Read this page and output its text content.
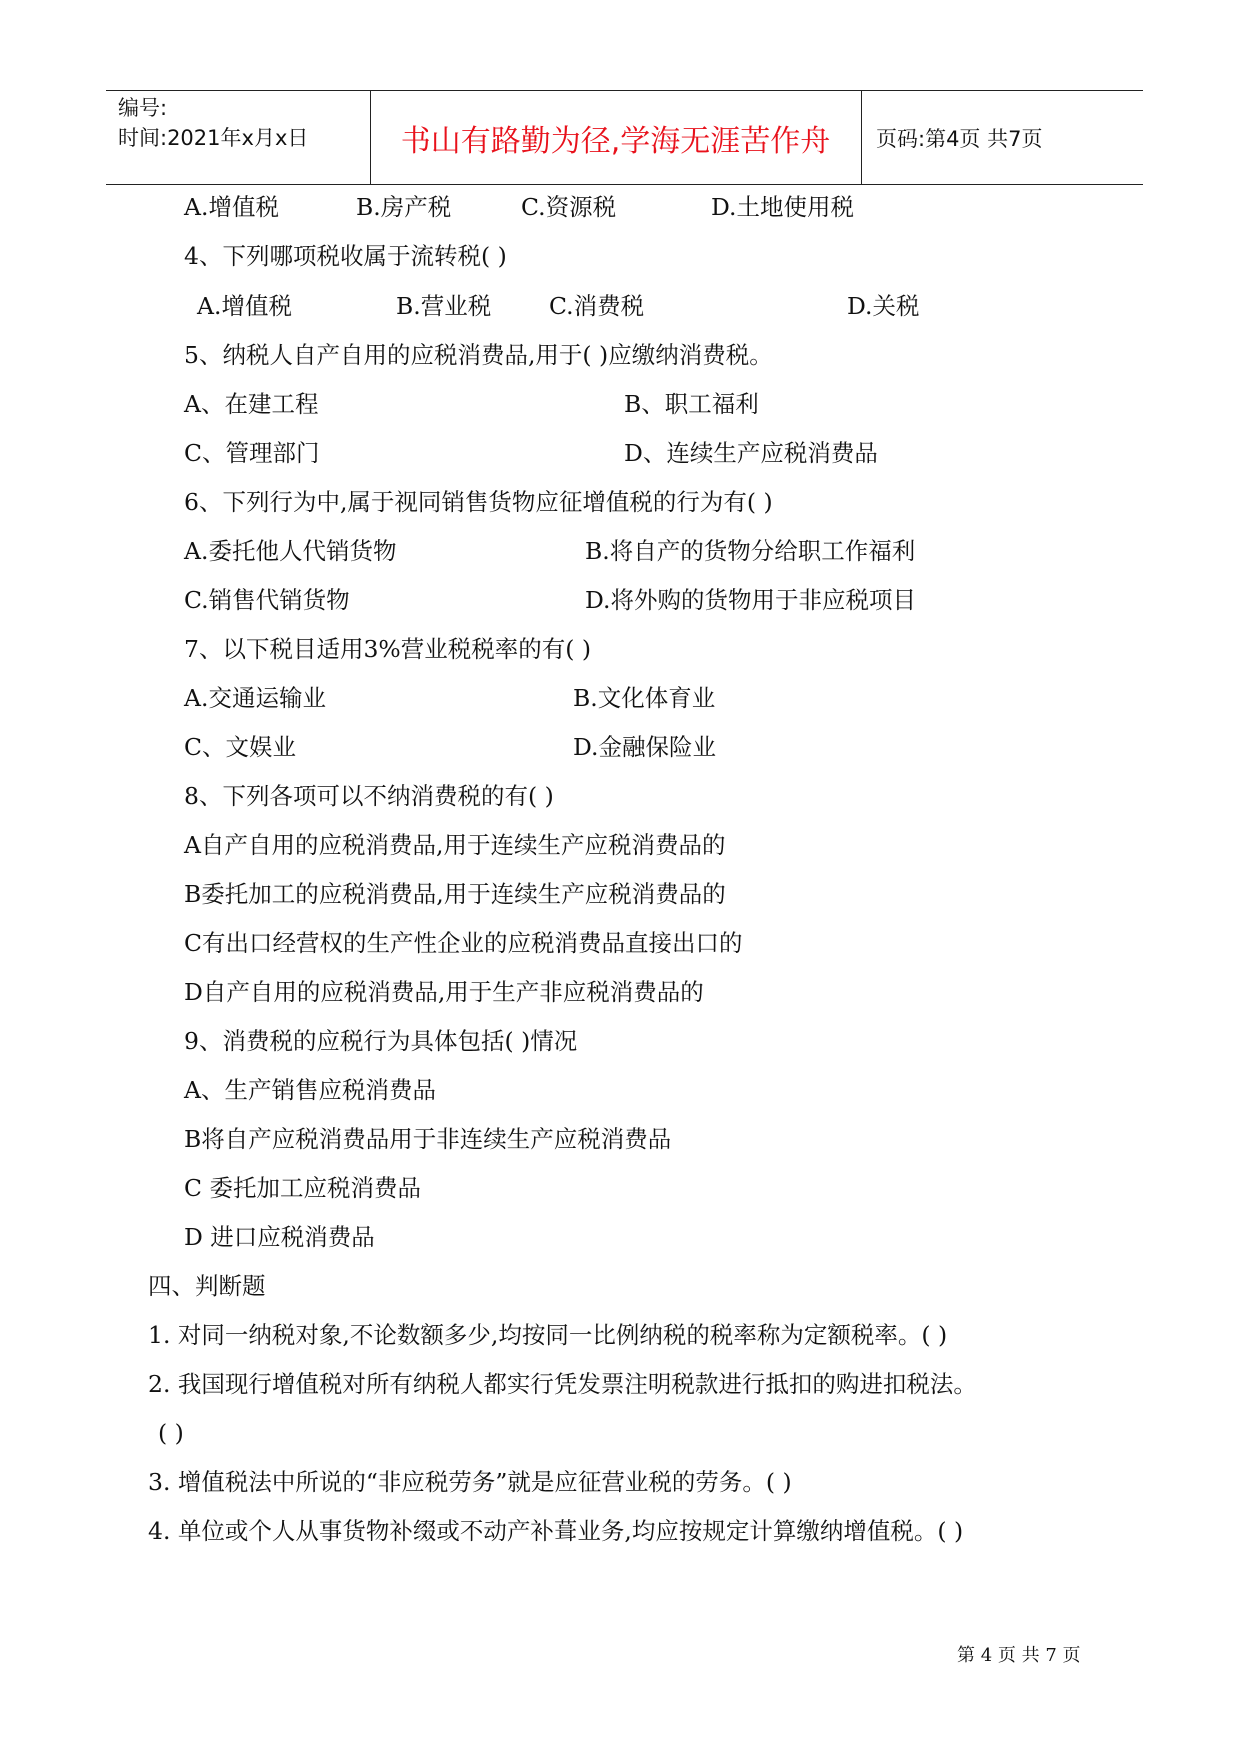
编号:
时间:2021年x月x日	书山有路勤为径,学海无涯苦作舟	页码:第4页 共7页
A.增值税	B.房产税	C.资源税	D.土地使用税
4、下列哪项税收属于流转税( )
A.增值税	B.营业税 C.消费税	D.关税
5、纳税人自产自用的应税消费品,用于( )应缴纳消费税。
A、在建工程	B、职工福利
C、管理部门	D、连续生产应税消费品
6、下列行为中,属于视同销售货物应征增值税的行为有( )
A.委托他人代销货物	B.将自产的货物分给职工作福利
C.销售代销货物	D.将外购的货物用于非应税项目
7、以下税目适用3%营业税税率的有( )
A.交通运输业	B.文化体育业
C、文娱业	D.金融保险业
8、下列各项可以不纳消费税的有( )
A自产自用的应税消费品,用于连续生产应税消费品的
B委托加工的应税消费品,用于连续生产应税消费品的
C有出口经营权的生产性企业的应税消费品直接出口的
D自产自用的应税消费品,用于生产非应税消费品的
9、消费税的应税行为具体包括( )情况
A、生产销售应税消费品
B将自产应税消费品用于非连续生产应税消费品
C 委托加工应税消费品
D 进口应税消费品
四、判断题
1. 对同一纳税对象,不论数额多少,均按同一比例纳税的税率称为定额税率。( )
2. 我国现行增值税对所有纳税人都实行凭发票注明税款进行抵扣的购进扣税法。
( )
3. 增值税法中所说的“非应税劳务”就是应征营业税的劳务。( )
4. 单位或个人从事货物补缀或不动产补葺业务,均应按规定计算缴纳增值税。( )
第 4 页 共 7 页
